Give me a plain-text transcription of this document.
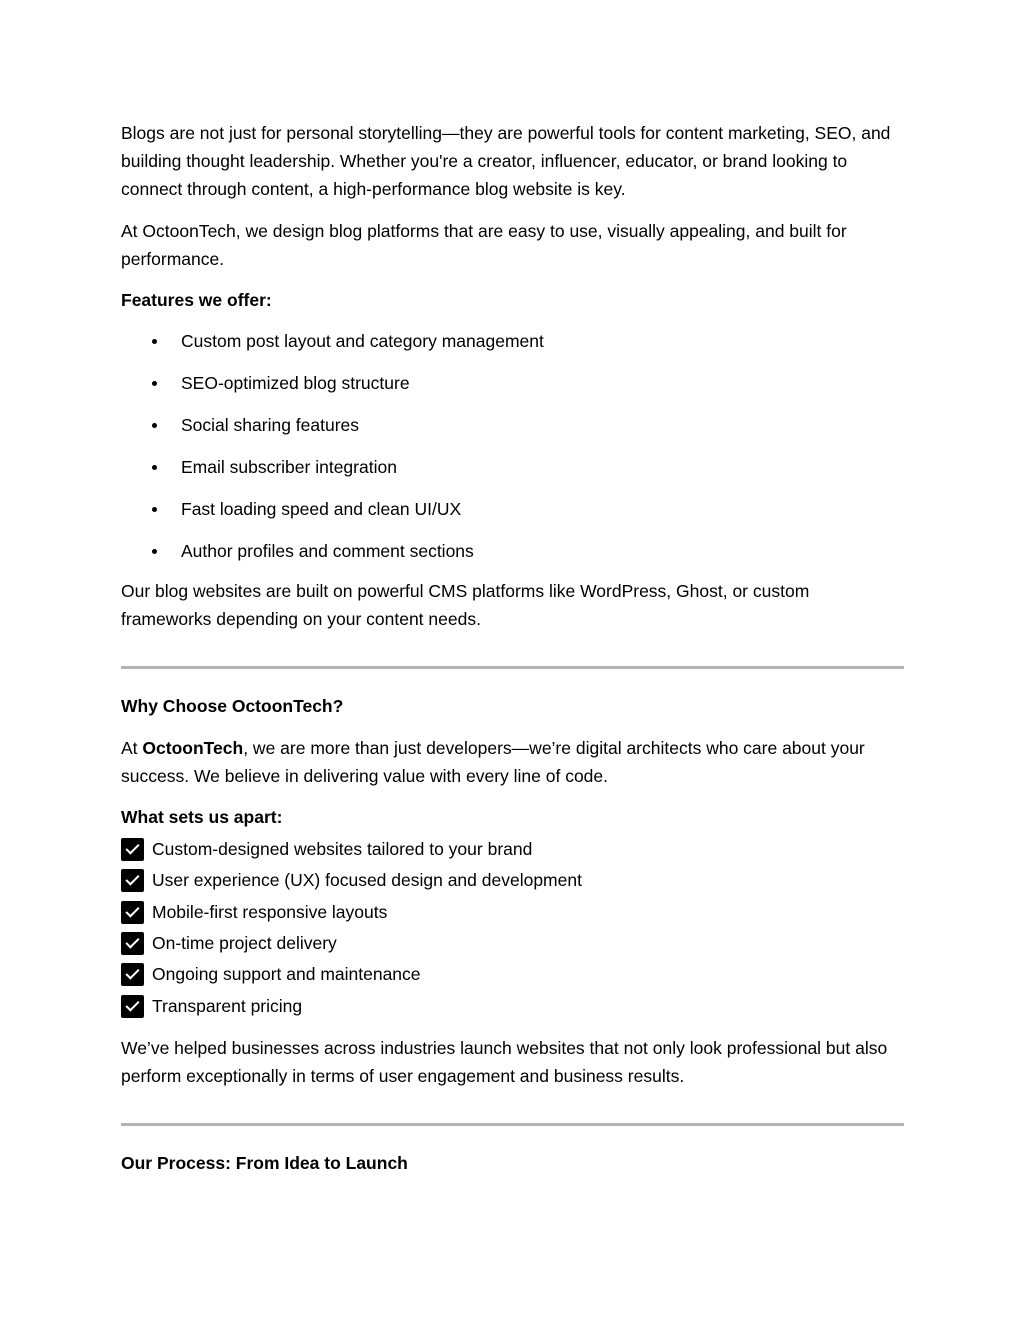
Blogs are not just for personal storytelling—they are powerful tools for content marketing, SEO, and building thought leadership. Whether you're a creator, influencer, educator, or brand looking to connect through content, a high-performance blog website is key.

At OctoonTech, we design blog platforms that are easy to use, visually appealing, and built for performance.

Features we offer:
Custom post layout and category management
SEO-optimized blog structure
Social sharing features
Email subscriber integration
Fast loading speed and clean UI/UX
Author profiles and comment sections

Our blog websites are built on powerful CMS platforms like WordPress, Ghost, or custom frameworks depending on your content needs.

Why Choose OctoonTech?

At OctoonTech, we are more than just developers—we’re digital architects who care about your success. We believe in delivering value with every line of code.

What sets us apart:
Custom-designed websites tailored to your brand
User experience (UX) focused design and development
Mobile-first responsive layouts
On-time project delivery
Ongoing support and maintenance
Transparent pricing

We’ve helped businesses across industries launch websites that not only look professional but also perform exceptionally in terms of user engagement and business results.

Our Process: From Idea to Launch
